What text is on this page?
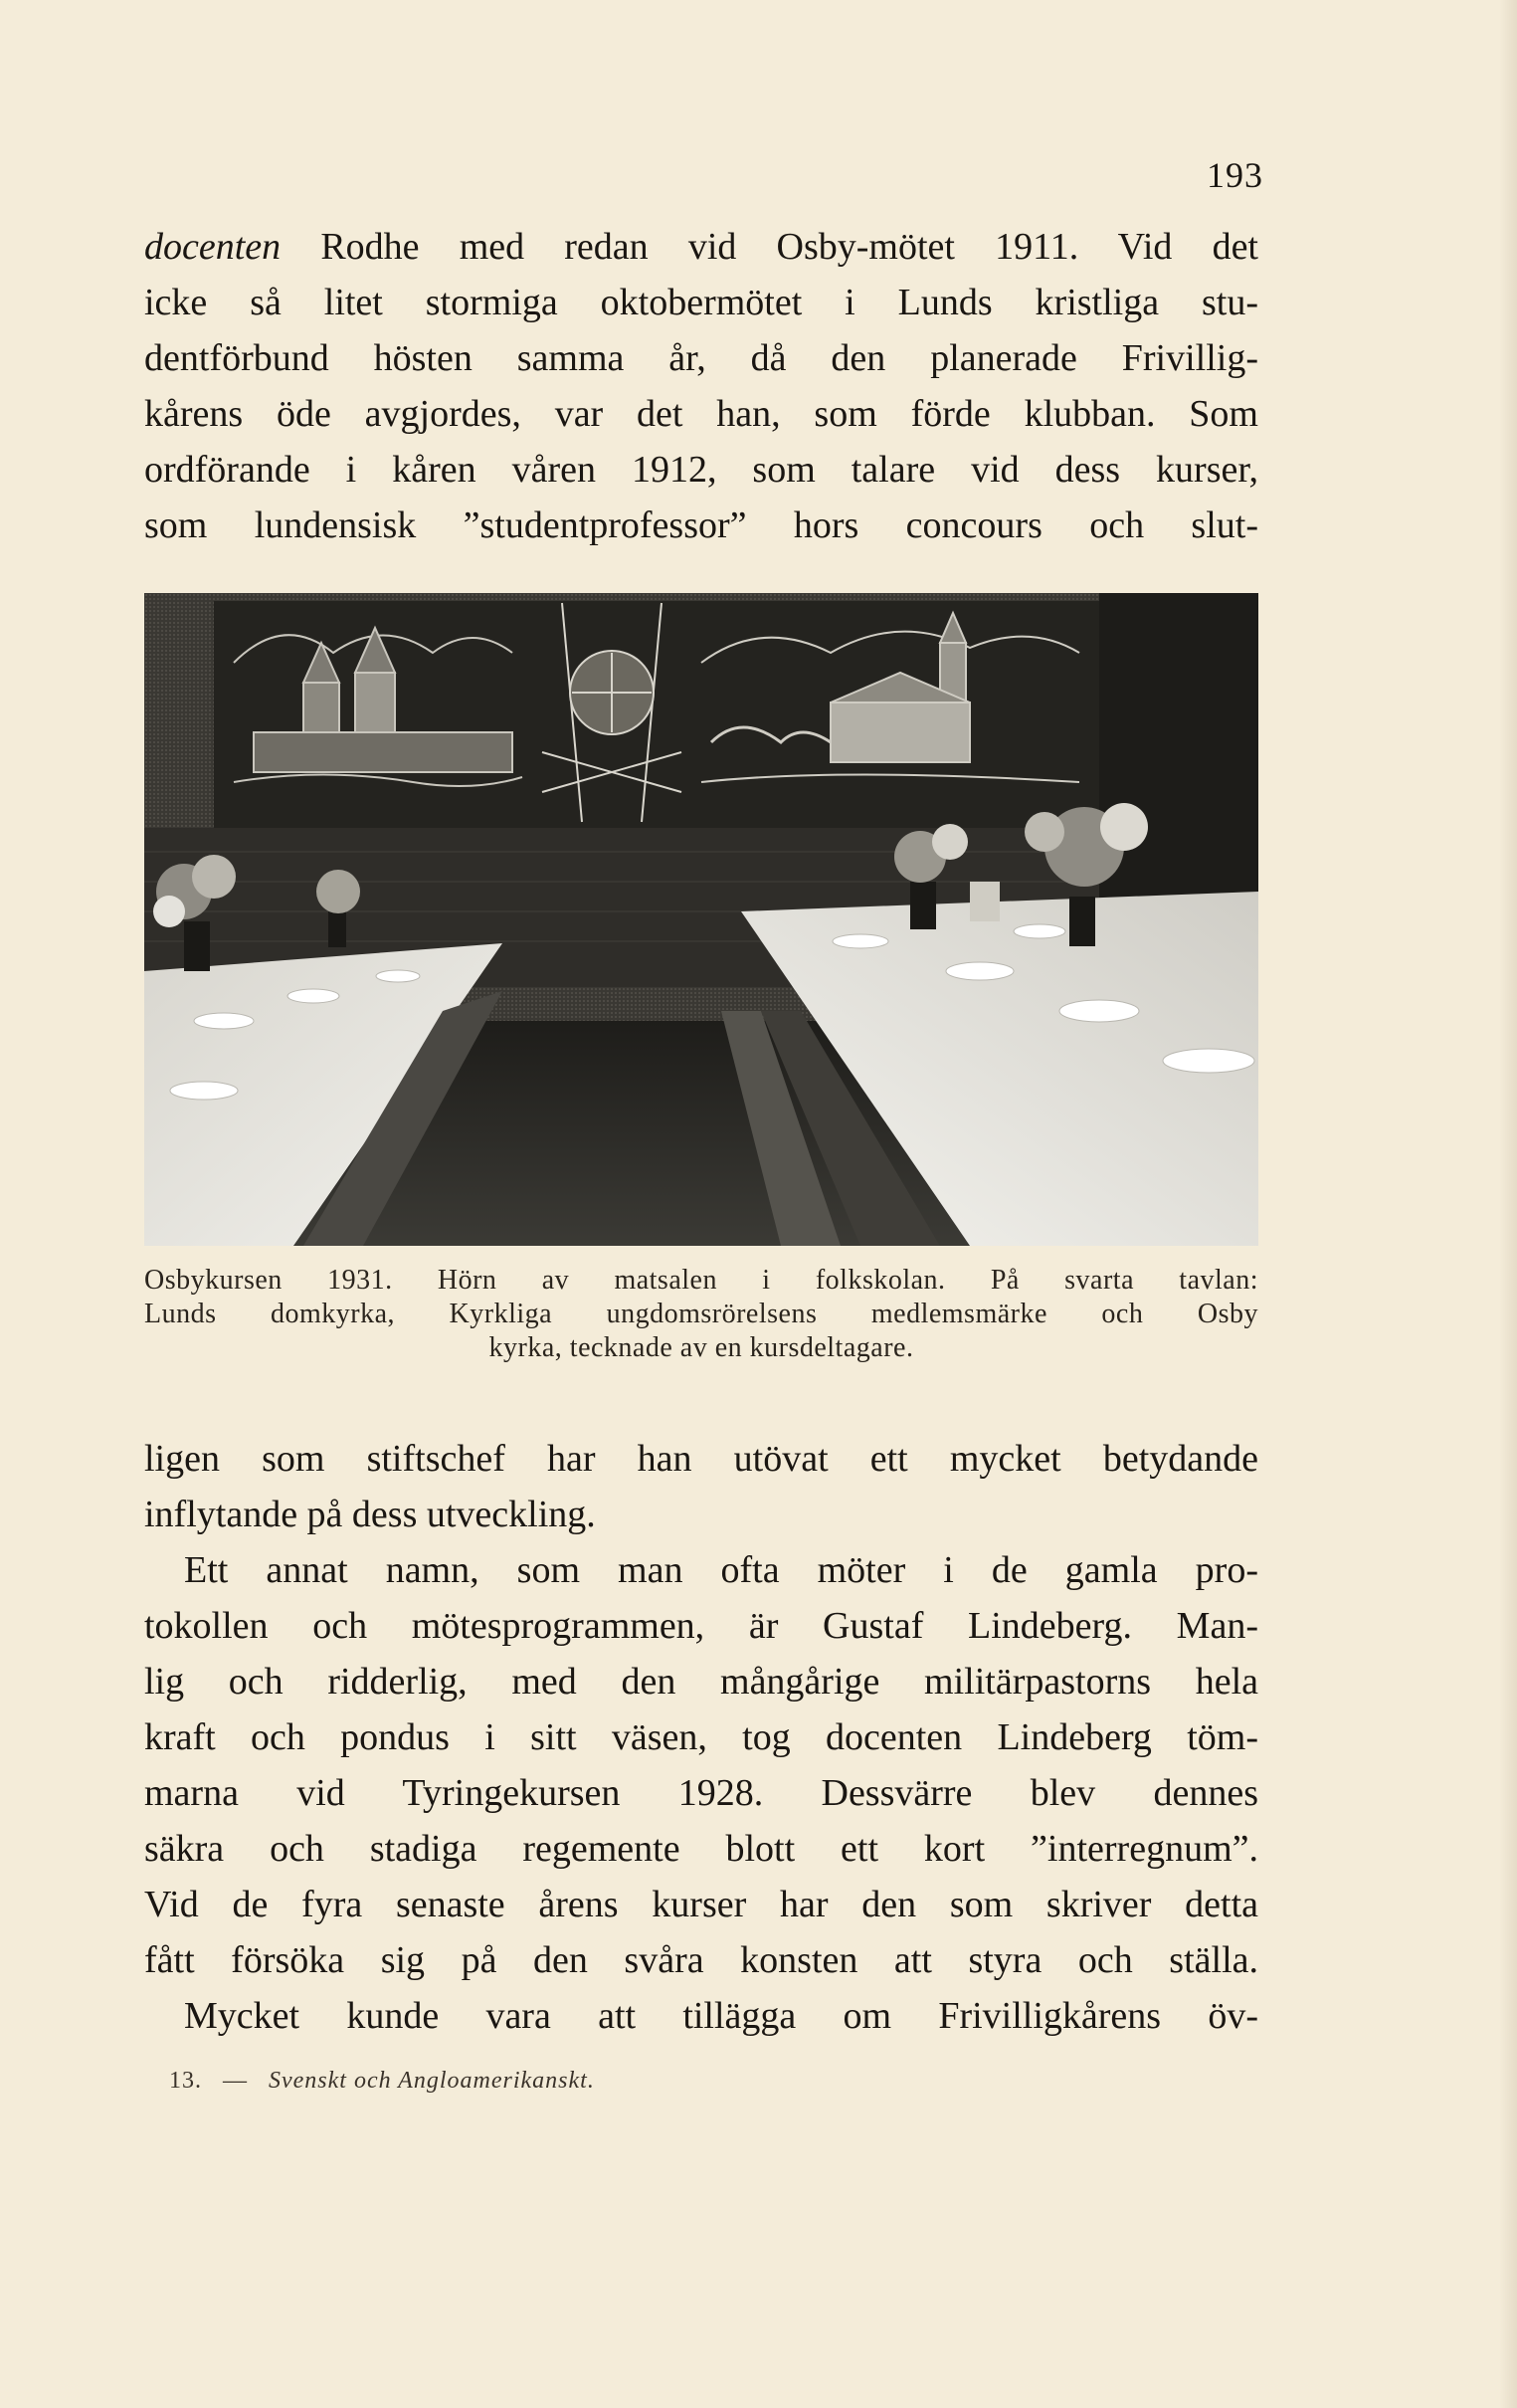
193
docenten Rodhe med redan vid Osby-mötet 1911. Vid det
icke så litet stormiga oktobermötet i Lunds kristliga stu-
dentförbund hösten samma år, då den planerade Frivillig-
kårens öde avgjordes, var det han, som förde klubban. Som
ordförande i kåren våren 1912, som talare vid dess kurser,
som lundensisk ”studentprofessor” hors concours och slut-
Osbykursen 1931. Hörn av matsalen i folkskolan. På svarta tavlan:
Lunds domkyrka, Kyrkliga ungdomsrörelsens medlemsmärke och Osby
kyrka, tecknade av en kursdeltagare.
ligen som stiftschef har han utövat ett mycket betydande
inflytande på dess utveckling.
Ett annat namn, som man ofta möter i de gamla pro-
tokollen och mötesprogrammen, är Gustaf Lindeberg. Man-
lig och ridderlig, med den mångårige militärpastorns hela
kraft och pondus i sitt väsen, tog docenten Lindeberg töm-
marna vid Tyringekursen 1928. Dessvärre blev dennes
säkra och stadiga regemente blott ett kort ”interregnum”.
Vid de fyra senaste årens kurser har den som skriver detta
fått försöka sig på den svåra konsten att styra och ställa.
Mycket kunde vara att tillägga om Frivilligkårens öv-
13. — Svenskt och Angloamerikanskt.
